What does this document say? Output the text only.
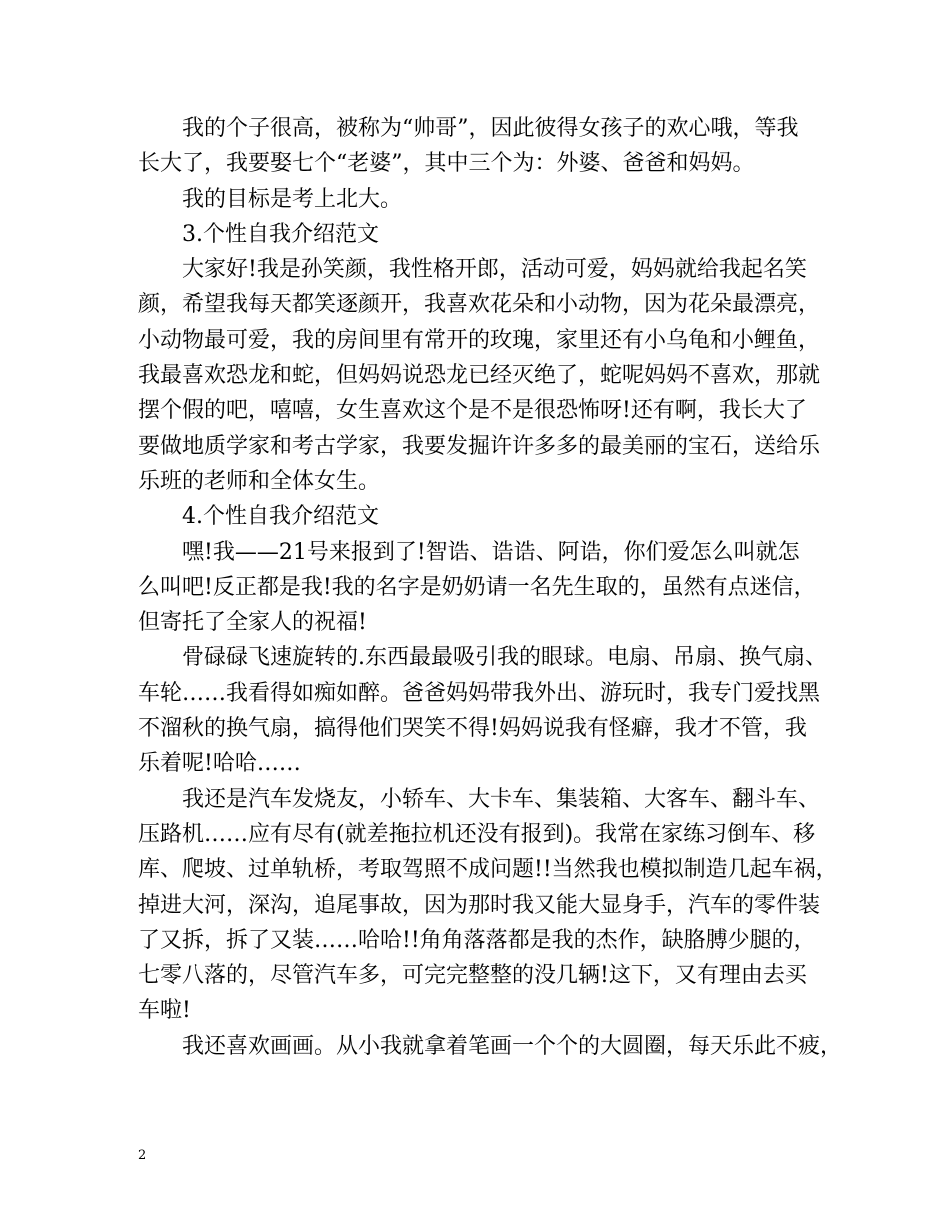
我的个子很高，被称为“帅哥”，因此彼得女孩子的欢心哦，等我
长大了，我要娶七个“老婆”，其中三个为：外婆、爸爸和妈妈。
我的目标是考上北大。
3.个性自我介绍范文
大家好!我是孙笑颜，我性格开郎，活动可爱，妈妈就给我起名笑
颜，希望我每天都笑逐颜开，我喜欢花朵和小动物，因为花朵最漂亮，
小动物最可爱，我的房间里有常开的玫瑰，家里还有小乌龟和小鲤鱼，
我最喜欢恐龙和蛇，但妈妈说恐龙已经灭绝了，蛇呢妈妈不喜欢，那就
摆个假的吧，嘻嘻，女生喜欢这个是不是很恐怖呀!还有啊，我长大了
要做地质学家和考古学家，我要发掘许许多多的最美丽的宝石，送给乐
乐班的老师和全体女生。
4.个性自我介绍范文
嘿!我——21号来报到了!智诰、诰诰、阿诰，你们爱怎么叫就怎
么叫吧!反正都是我!我的名字是奶奶请一名先生取的，虽然有点迷信，
但寄托了全家人的祝福!
骨碌碌飞速旋转的.东西最最吸引我的眼球。电扇、吊扇、换气扇、
车轮……我看得如痴如醉。爸爸妈妈带我外出、游玩时，我专门爱找黑
不溜秋的换气扇，搞得他们哭笑不得!妈妈说我有怪癖，我才不管，我
乐着呢!哈哈……
我还是汽车发烧友，小轿车、大卡车、集装箱、大客车、翻斗车、
压路机……应有尽有(就差拖拉机还没有报到)。我常在家练习倒车、移
库、爬坡、过单轨桥，考取驾照不成问题!!当然我也模拟制造几起车祸，
掉进大河，深沟，追尾事故，因为那时我又能大显身手，汽车的零件装
了又拆，拆了又装……哈哈!!角角落落都是我的杰作，缺胳膊少腿的，
七零八落的，尽管汽车多，可完完整整的没几辆!这下，又有理由去买
车啦!
我还喜欢画画。从小我就拿着笔画一个个的大圆圈，每天乐此不疲，
2
